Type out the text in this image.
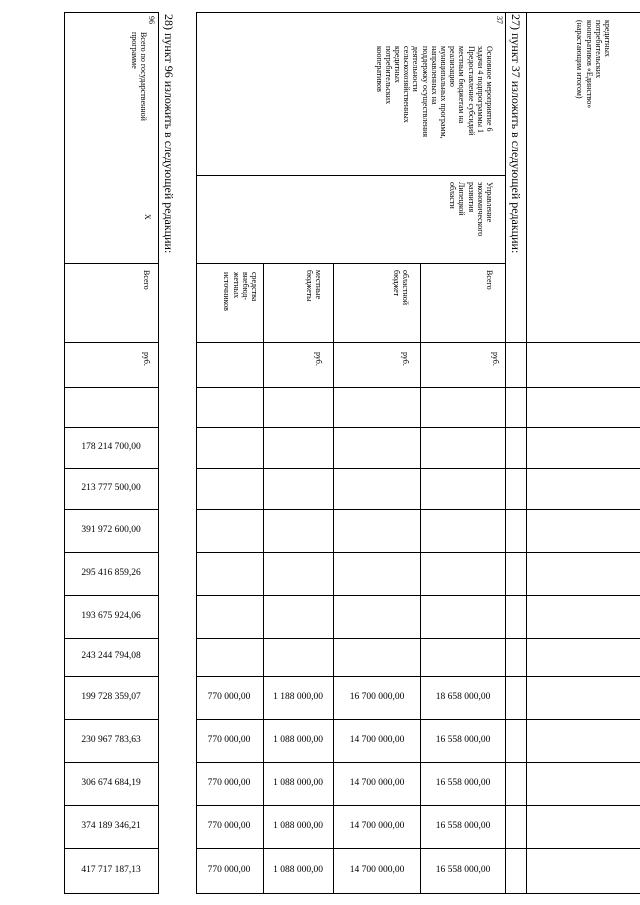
кредитных
потребительских
кооперативов «Единство»
(нарастающим итогом)
27) пункт 37 изложить в следующей редакции:
37
Основное мероприятие 6
задачи 4 подпрограммы 1
Предоставление субсидий
местным бюджетам на
реализацию
муниципальных программ,
направленных на
поддержку осуществления
деятельности
сельскохозяйственных
кредитных
потребительских
кооперативов
Управление
экономического
развития
Липецкой
области
Всего
областной
бюджет
местные
бюджеты
средства
внебюд-
жетных
источников
руб.
руб.
руб.
28) пункт 96 изложить в следующей редакции:
96
Всего по государственной
программе
Х
Всего
руб.
178 214 700,00
213 777 500,00
391 972 600,00
295 416 859,26
193 675 924,06
243 244 794,08
199 728 359,07
230 967 783,63
306 674 684,19
374 189 346,21
417 717 187,13
18 658 000,00
16 558 000,00
16 558 000,00
16 558 000,00
16 558 000,00
16 700 000,00
14 700 000,00
14 700 000,00
14 700 000,00
14 700 000,00
1 188 000,00
1 088 000,00
1 088 000,00
1 088 000,00
1 088 000,00
770 000,00
770 000,00
770 000,00
770 000,00
770 000,00
